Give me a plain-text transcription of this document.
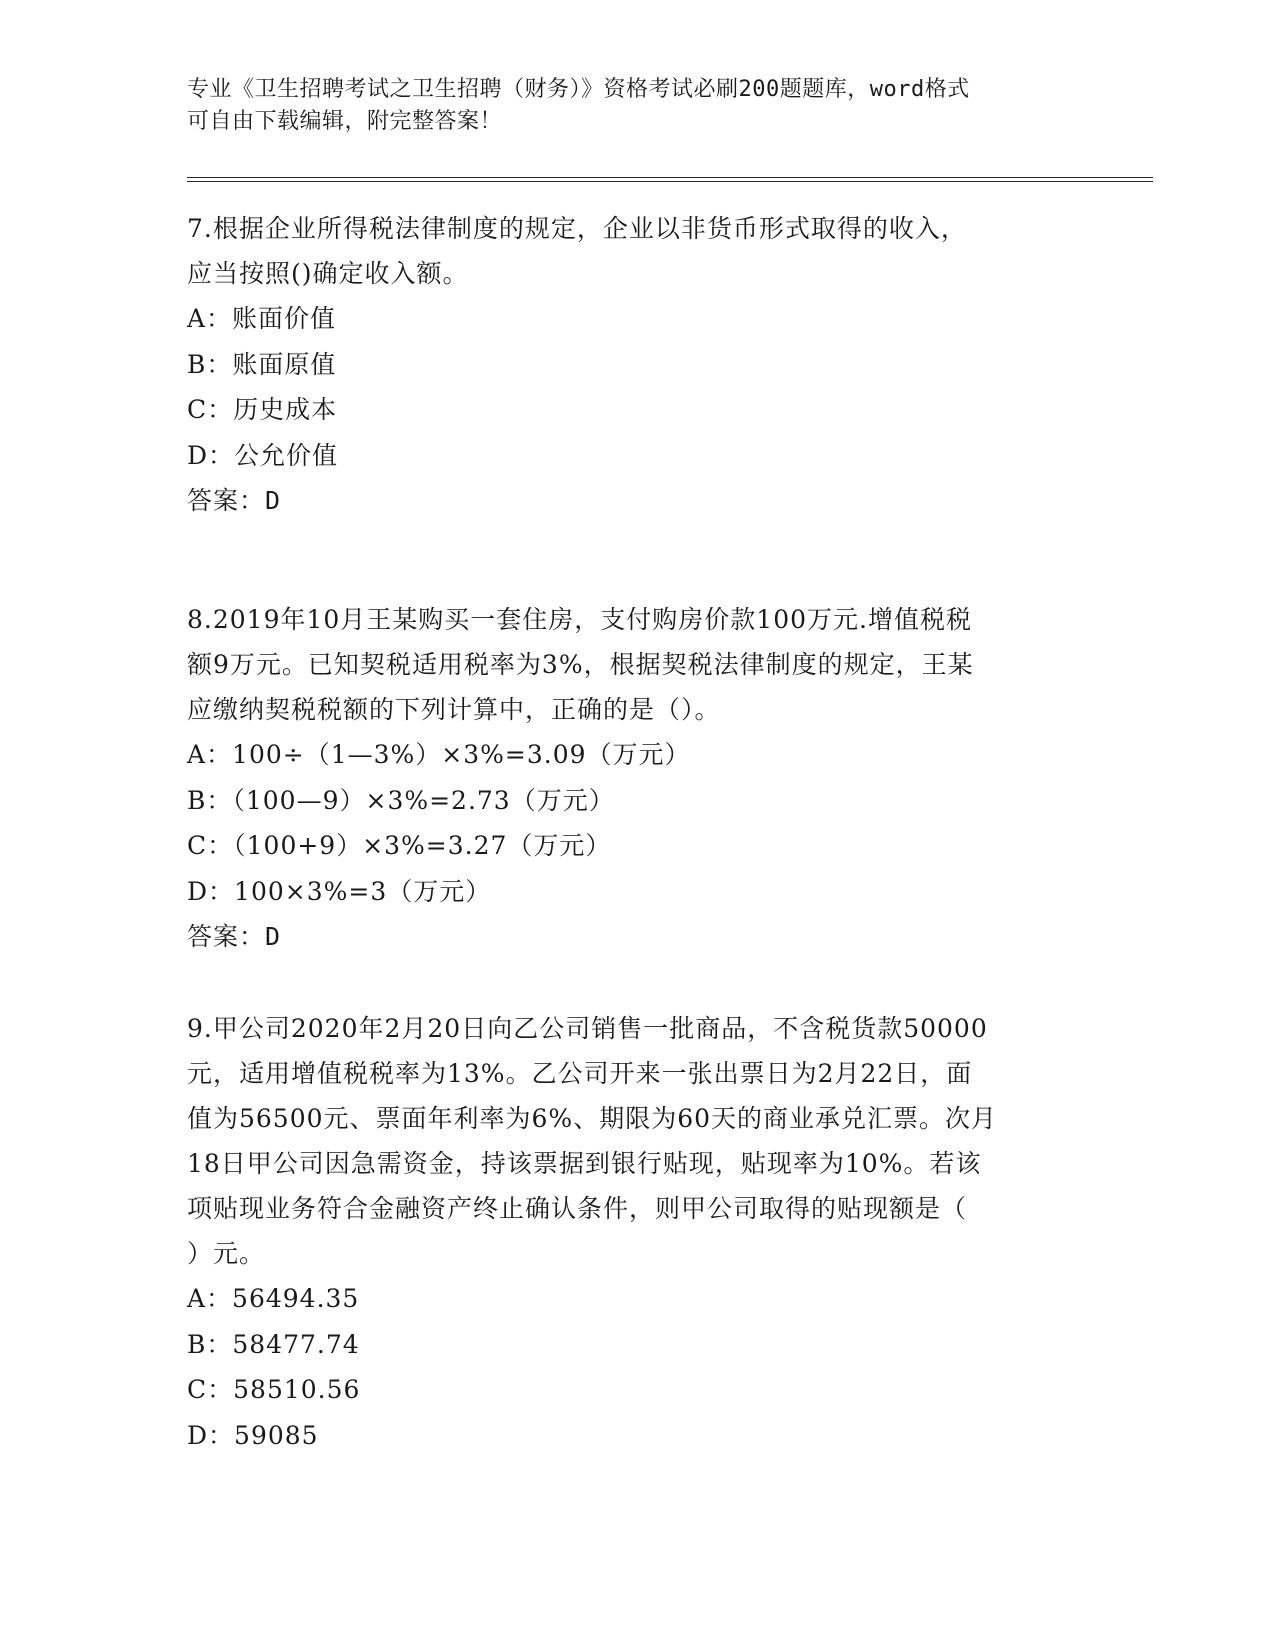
专业《卫生招聘考试之卫生招聘（财务）》资格考试必刷200题题库，word格式
可自由下载编辑，附完整答案！
7.根据企业所得税法律制度的规定，企业以非货币形式取得的收入，
应当按照()确定收入额。
A：账面价值
B：账面原值
C：历史成本
D：公允价值
答案：D
8.2019年10月王某购买一套住房，支付购房价款100万元.增值税税
额9万元。已知契税适用税率为3%，根据契税法律制度的规定，王某
应缴纳契税税额的下列计算中，正确的是（）。
A：100÷（1—3%）×3%=3.09（万元）
B：（100—9）×3%=2.73（万元）
C：（100+9）×3%=3.27（万元）
D：100×3%=3（万元）
答案：D
9.甲公司2020年2月20日向乙公司销售一批商品，不含税货款50000
元，适用增值税税率为13%。乙公司开来一张出票日为2月22日，面
值为56500元、票面年利率为6%、期限为60天的商业承兑汇票。次月
18日甲公司因急需资金，持该票据到银行贴现，贴现率为10%。若该
项贴现业务符合金融资产终止确认条件，则甲公司取得的贴现额是（
）元。
A：56494.35
B：58477.74
C：58510.56
D：59085
